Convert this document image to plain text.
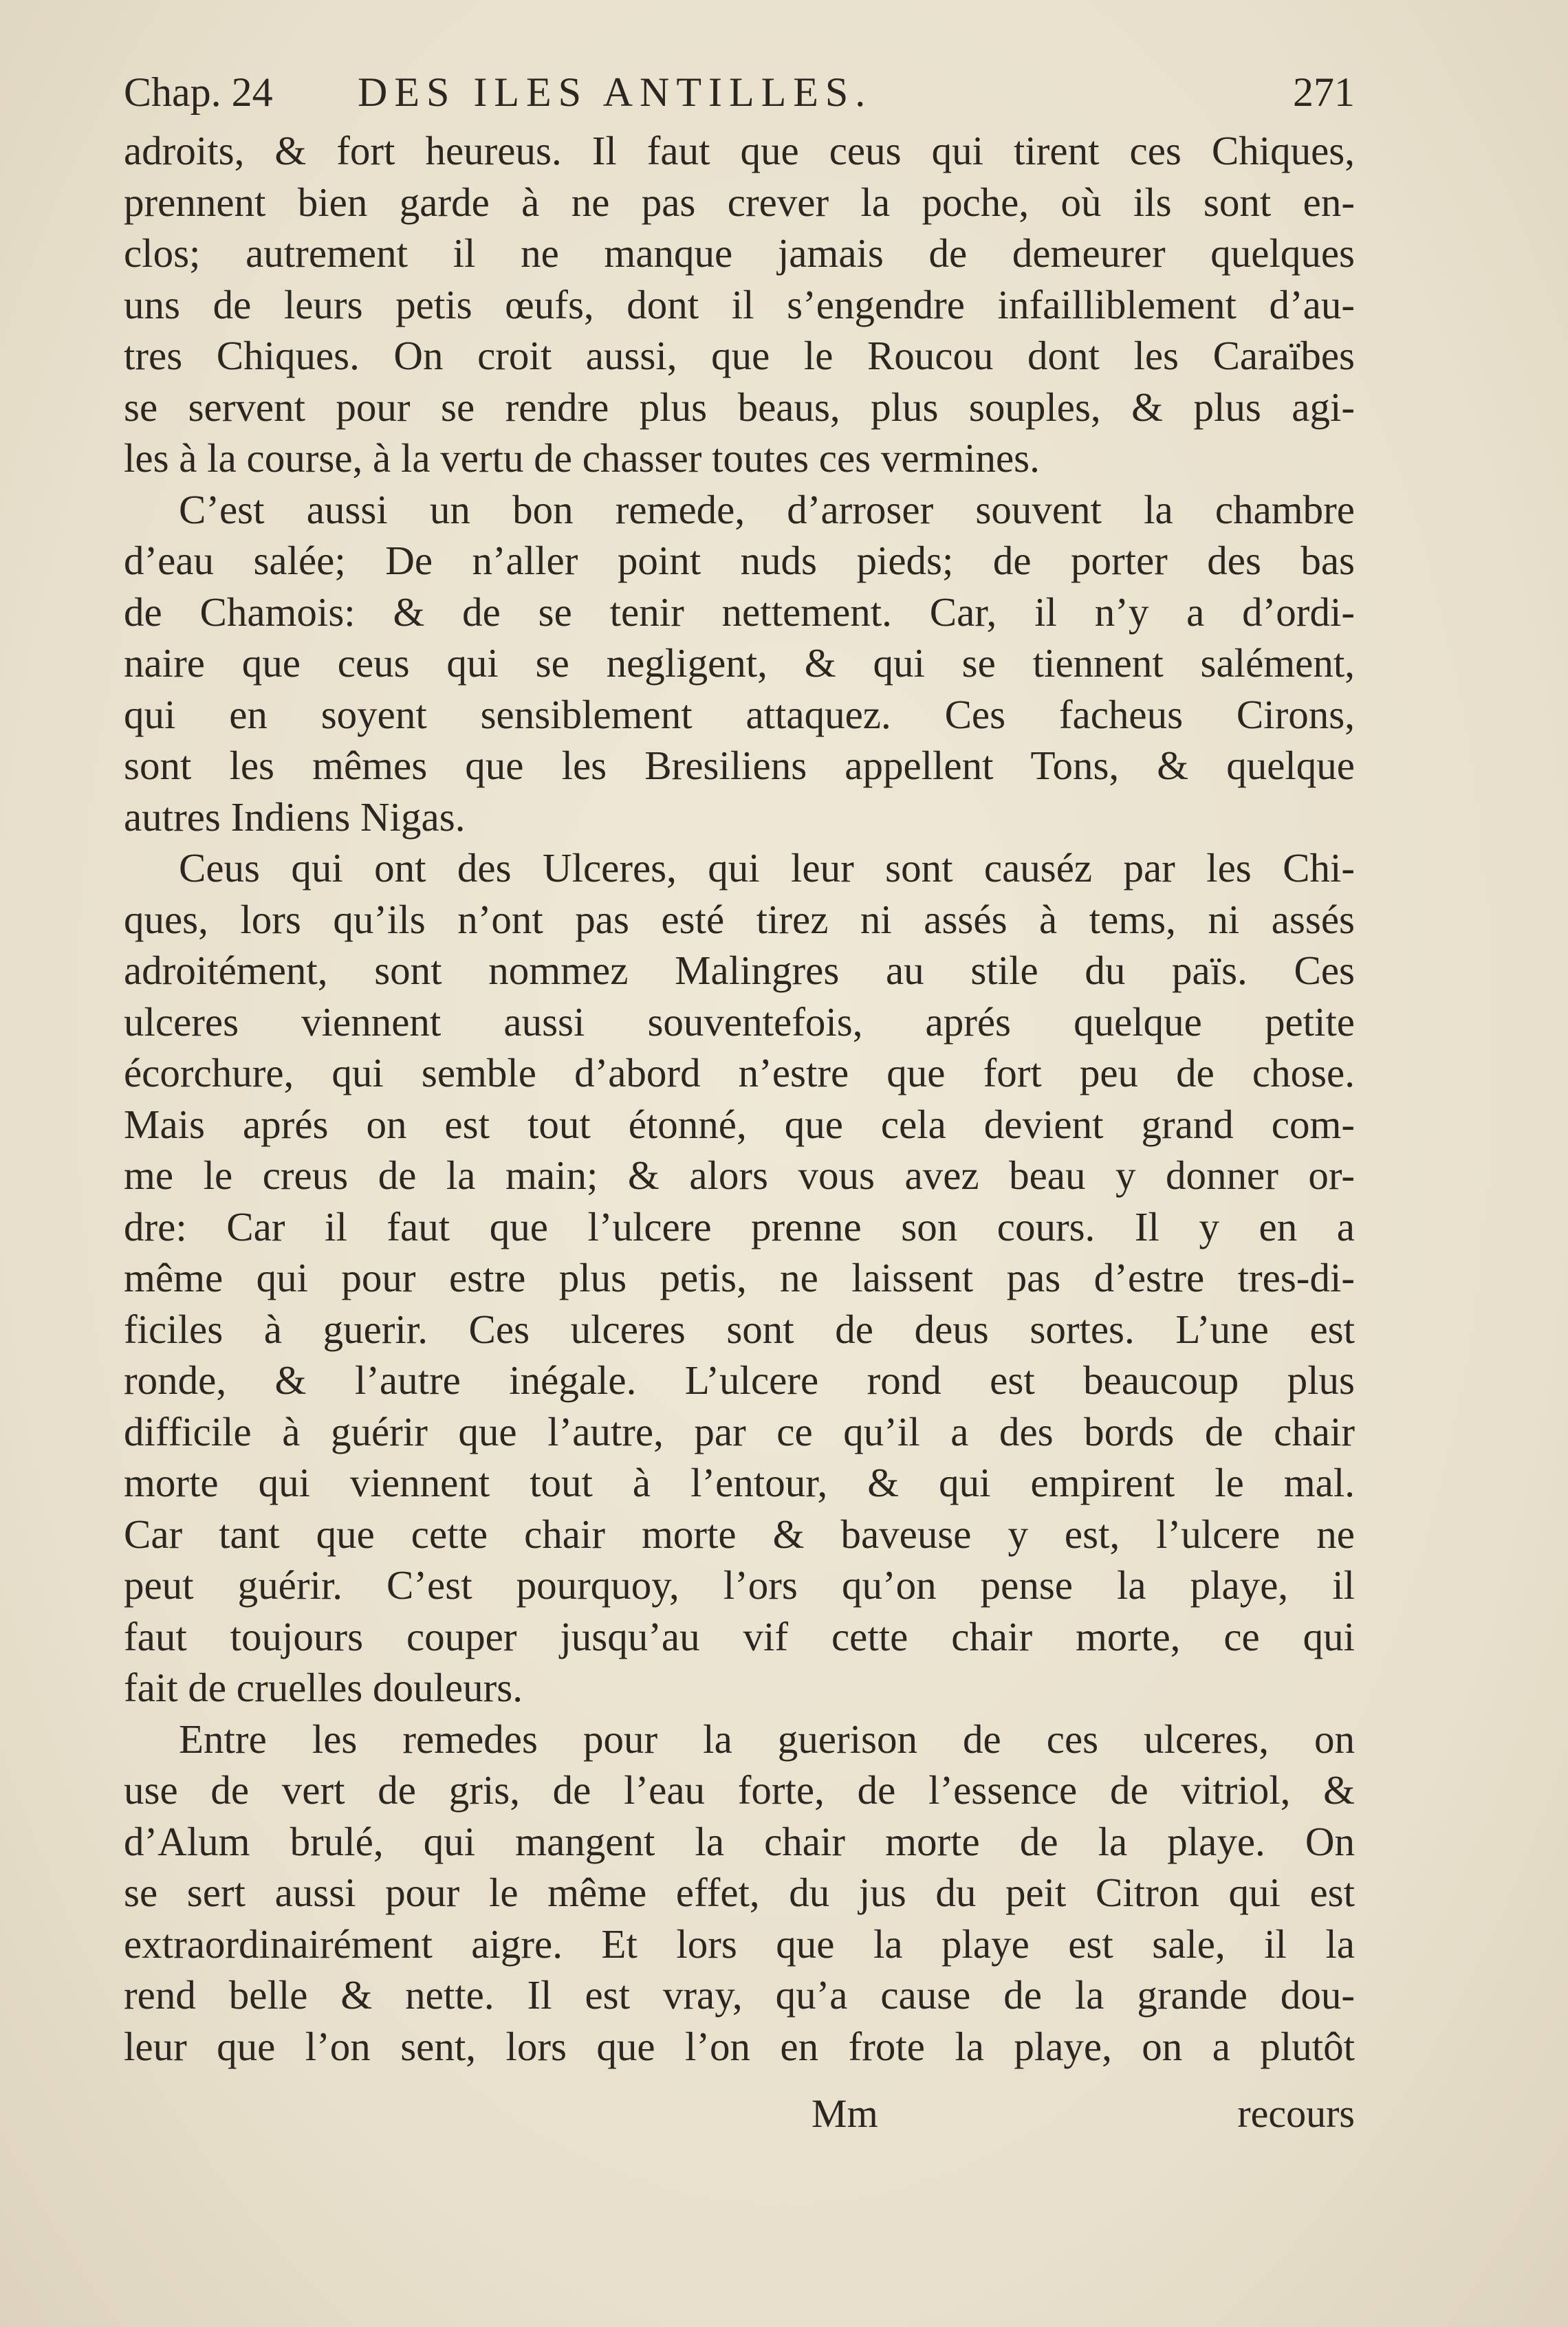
Chap. 24 DES ILES ANTILLES.	271
adroits, & fort heureus. Il faut que ceus qui tirent ces Chiques,
prennent bien garde à ne pas crever la poche, où ils sont en-
clos; autrement il ne manque jamais de demeurer quelques
uns de leurs petis œufs, dont il s’engendre infailliblement d’au-
tres Chiques. On croit aussi, que le Roucou dont les Caraïbes
se servent pour se rendre plus beaus, plus souples, & plus agi-
les à la course, à la vertu de chasser toutes ces vermines.
C’est aussi un bon remede, d’arroser souvent la chambre
d’eau salée; De n’aller point nuds pieds; de porter des bas
de Chamois: & de se tenir nettement. Car, il n’y a d’ordi-
naire que ceus qui se negligent, & qui se tiennent salément,
qui en soyent sensiblement attaquez. Ces facheus Cirons,
sont les mêmes que les Bresiliens appellent Tons, & quelque
autres Indiens Nigas.
Ceus qui ont des Ulceres, qui leur sont causéz par les Chi-
ques, lors qu’ils n’ont pas esté tirez ni assés à tems, ni assés
adroitément, sont nommez Malingres au stile du païs. Ces
ulceres viennent aussi souventefois, aprés quelque petite
écorchure, qui semble d’abord n’estre que fort peu de chose.
Mais aprés on est tout étonné, que cela devient grand com-
me le creus de la main; & alors vous avez beau y donner or-
dre: Car il faut que l’ulcere prenne son cours. Il y en a
même qui pour estre plus petis, ne laissent pas d’estre tres-di-
ficiles à guerir. Ces ulceres sont de deus sortes. L’une est
ronde, & l’autre inégale. L’ulcere rond est beaucoup plus
difficile à guérir que l’autre, par ce qu’il a des bords de chair
morte qui viennent tout à l’entour, & qui empirent le mal.
Car tant que cette chair morte & baveuse y est, l’ulcere ne
peut guérir. C’est pourquoy, l’ors qu’on pense la playe, il
faut toujours couper jusqu’au vif cette chair morte, ce qui
fait de cruelles douleurs.
Entre les remedes pour la guerison de ces ulceres, on
use de vert de gris, de l’eau forte, de l’essence de vitriol, &
d’Alum brulé, qui mangent la chair morte de la playe. On
se sert aussi pour le même effet, du jus du peit Citron qui est
extraordinairément aigre. Et lors que la playe est sale, il la
rend belle & nette. Il est vray, qu’a cause de la grande dou-
leur que l’on sent, lors que l’on en frote la playe, on a plutôt
Mm	recours
